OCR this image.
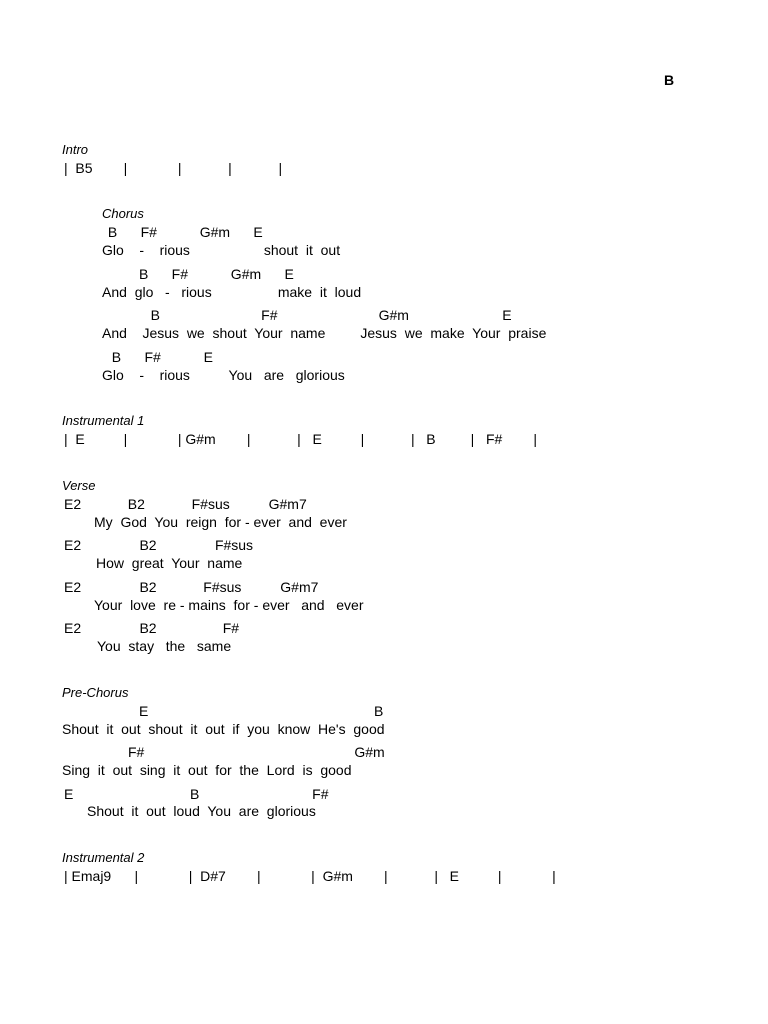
B
Intro
|  B5        |             |            |            |
Chorus
B      F#           G#m      E
Glo    -    rious                   shout  it  out
B      F#           G#m      E
And  glo   -   rious                 make  it  loud
B                          F#                          G#m                        E
And    Jesus  we  shout  Your  name         Jesus  we  make  Your  praise
B      F#           E
Glo    -    rious          You   are   glorious
Instrumental 1
|  E          |             | G#m        |            |   E          |            |   B         |   F#        |
Verse
E2            B2            F#sus          G#m7
My  God  You  reign  for - ever  and  ever
E2               B2               F#sus
How  great  Your  name
E2               B2            F#sus          G#m7
Your  love  re - mains  for - ever   and   ever
E2               B2                 F#
You  stay   the   same
Pre-Chorus
E                                                          B
Shout  it  out  shout  it  out  if  you  know  He's  good
F#                                                      G#m
Sing  it  out  sing  it  out  for  the  Lord  is  good
E                              B                             F#
Shout  it  out  loud  You  are  glorious
Instrumental 2
| Emaj9      |             |  D#7        |             |  G#m        |            |   E          |             |
